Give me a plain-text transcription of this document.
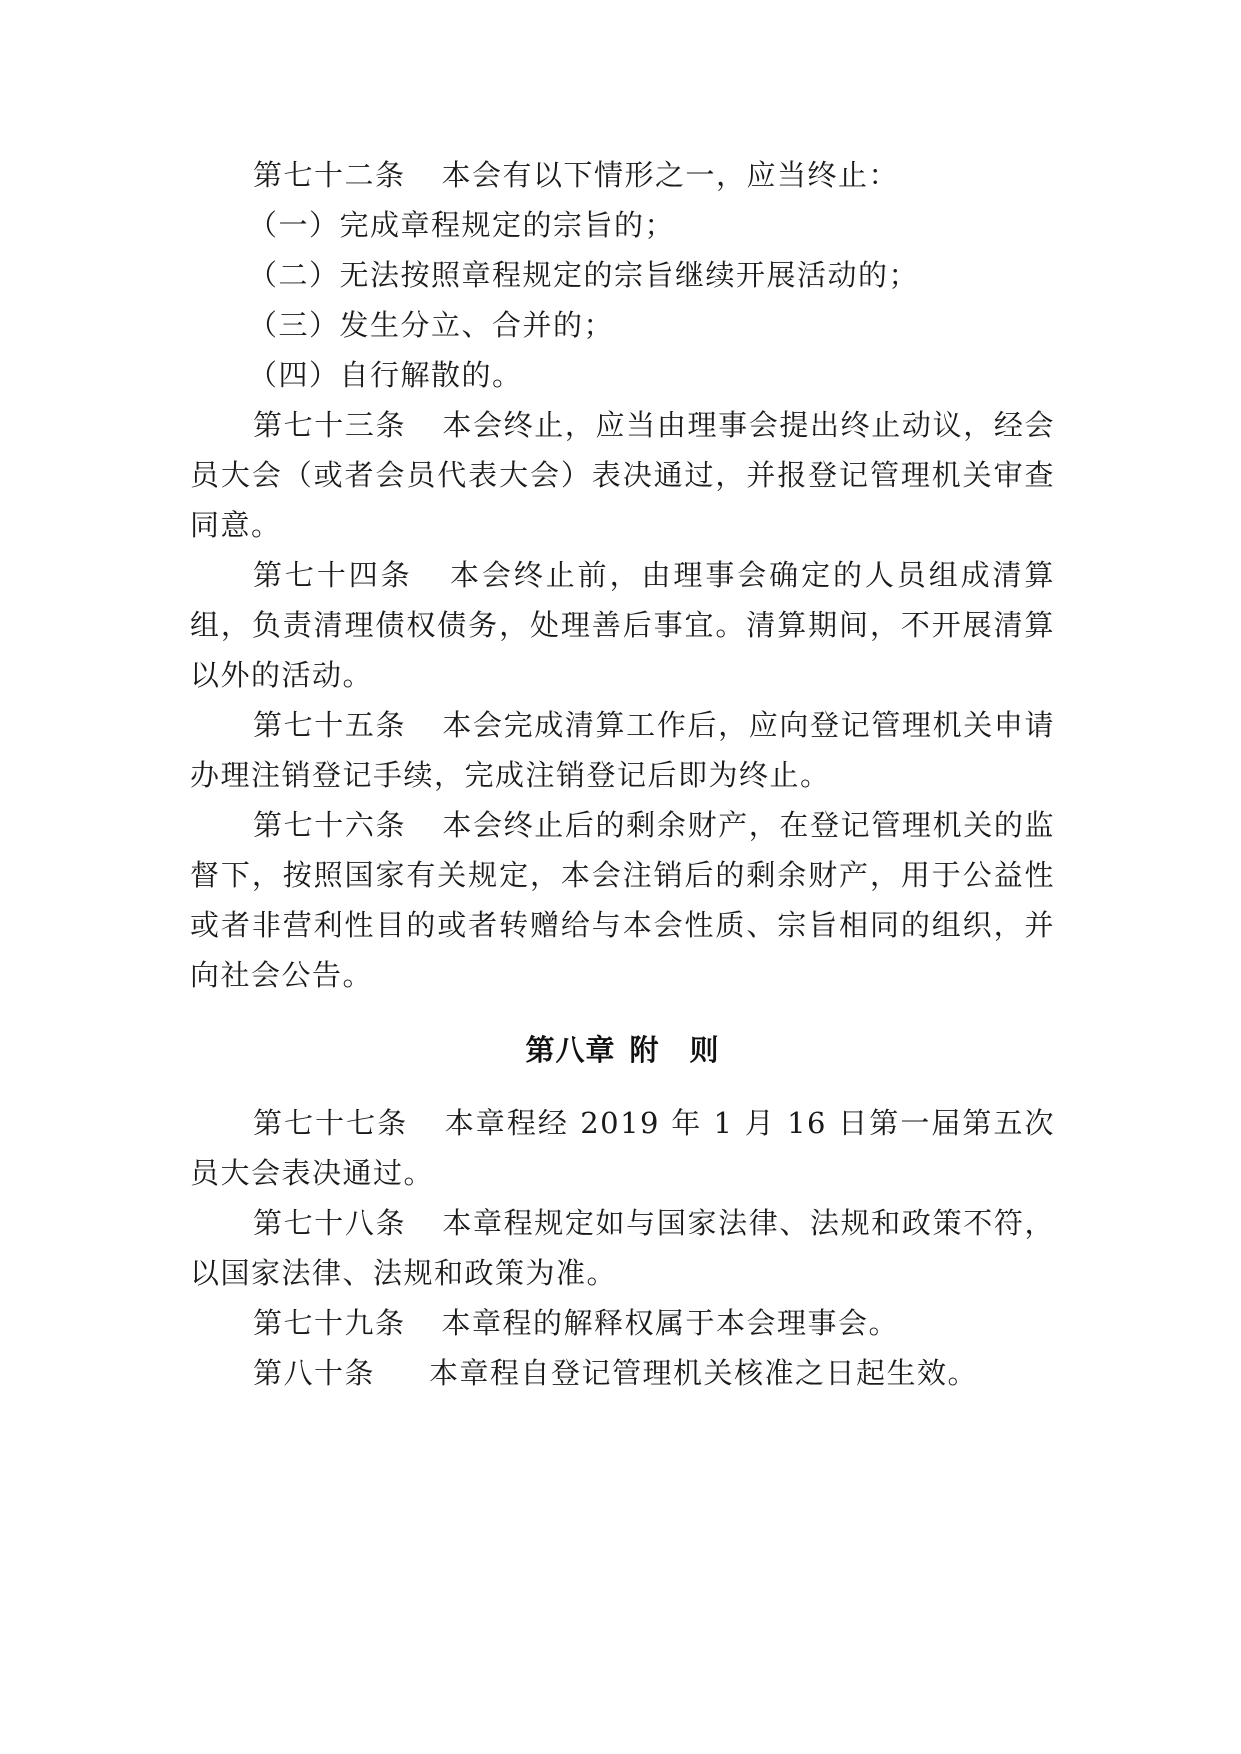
第七十二条 本会有以下情形之一，应当终止：
（一）完成章程规定的宗旨的；
（二）无法按照章程规定的宗旨继续开展活动的；
（三）发生分立、合并的；
（四）自行解散的。
第七十三条 本会终止，应当由理事会提出终止动议，经会
员大会（或者会员代表大会）表决通过，并报登记管理机关审查
同意。
第七十四条 本会终止前，由理事会确定的人员组成清算
组，负责清理债权债务，处理善后事宜。清算期间，不开展清算
以外的活动。
第七十五条 本会完成清算工作后，应向登记管理机关申请
办理注销登记手续，完成注销登记后即为终止。
第七十六条 本会终止后的剩余财产，在登记管理机关的监
督下，按照国家有关规定，本会注销后的剩余财产，用于公益性
或者非营利性目的或者转赠给与本会性质、宗旨相同的组织，并
向社会公告。
第八章 附 则
第七十七条 本章程经 2019 年 1 月 16 日第一届第五次
员大会表决通过。
第七十八条 本章程规定如与国家法律、法规和政策不符，
以国家法律、法规和政策为准。
第七十九条 本章程的解释权属于本会理事会。
第八十条 本章程自登记管理机关核准之日起生效。
